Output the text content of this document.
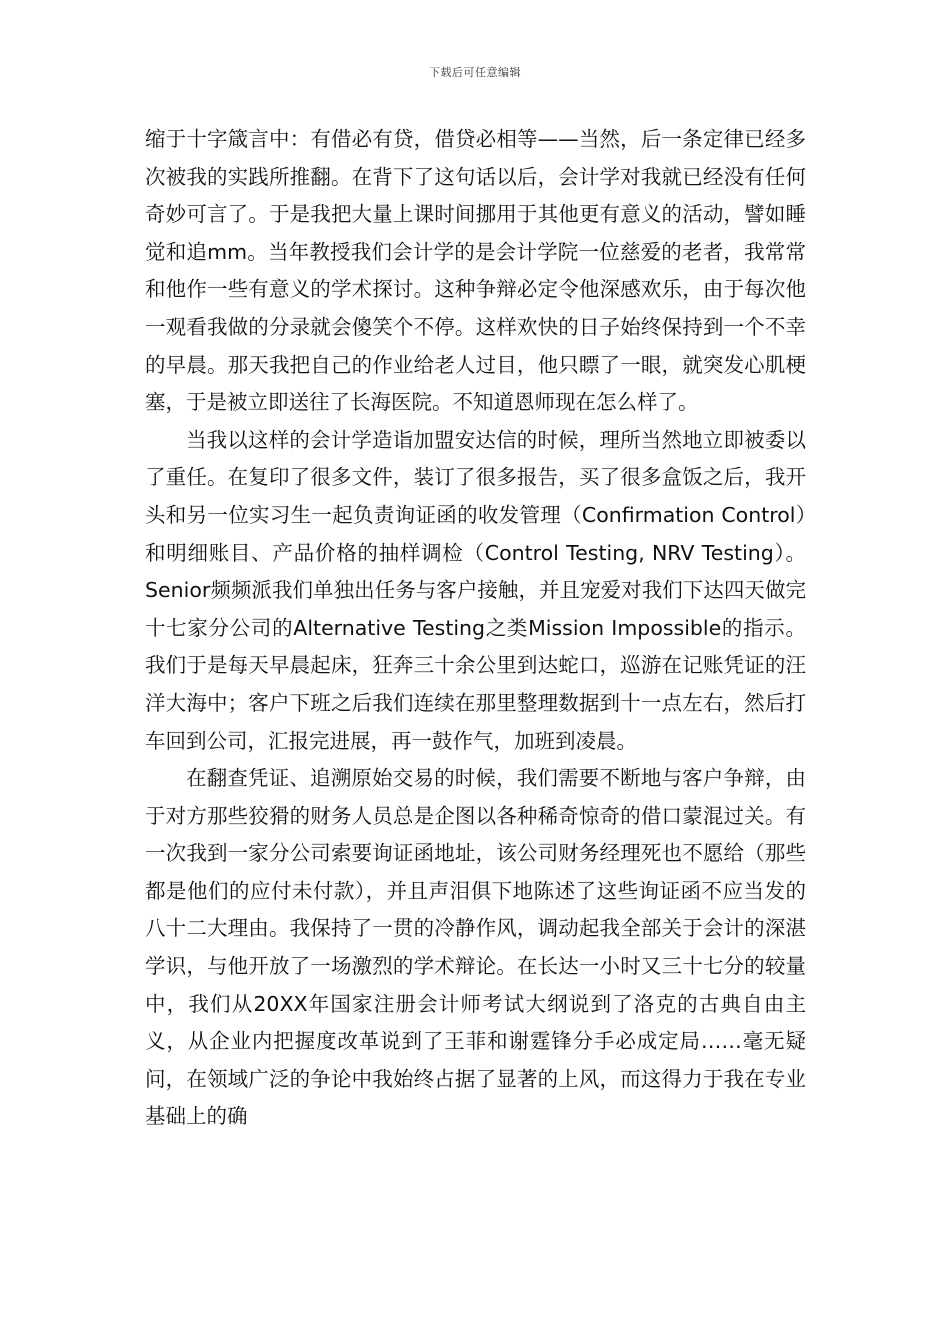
下载后可任意编辑

缩于十字箴言中：有借必有贷，借贷必相等——当然，后一条定律已经多次被我的实践所推翻。在背下了这句话以后，会计学对我就已经没有任何奇妙可言了。于是我把大量上课时间挪用于其他更有意义的活动，譬如睡觉和追mm。当年教授我们会计学的是会计学院一位慈爱的老者，我常常和他作一些有意义的学术探讨。这种争辩必定令他深感欢乐，由于每次他一观看我做的分录就会傻笑个不停。这样欢快的日子始终保持到一个不幸的早晨。那天我把自己的作业给老人过目，他只瞟了一眼，就突发心肌梗塞，于是被立即送往了长海医院。不知道恩师现在怎么样了。

当我以这样的会计学造诣加盟安达信的时候，理所当然地立即被委以了重任。在复印了很多文件，装订了很多报告，买了很多盒饭之后，我开头和另一位实习生一起负责询证函的收发管理（Confirmation Control）和明细账目、产品价格的抽样调检（Control Testing, NRV Testing）。Senior频频派我们单独出任务与客户接触，并且宠爱对我们下达四天做完十七家分公司的Alternative Testing之类Mission Impossible的指示。我们于是每天早晨起床，狂奔三十余公里到达蛇口，巡游在记账凭证的汪洋大海中；客户下班之后我们连续在那里整理数据到十一点左右，然后打车回到公司，汇报完进展，再一鼓作气，加班到凌晨。

在翻查凭证、追溯原始交易的时候，我们需要不断地与客户争辩，由于对方那些狡猾的财务人员总是企图以各种稀奇惊奇的借口蒙混过关。有一次我到一家分公司索要询证函地址，该公司财务经理死也不愿给（那些都是他们的应付未付款），并且声泪俱下地陈述了这些询证函不应当发的八十二大理由。我保持了一贯的冷静作风，调动起我全部关于会计的深湛学识，与他开放了一场激烈的学术辩论。在长达一小时又三十七分的较量中，我们从20XX年国家注册会计师考试大纲说到了洛克的古典自由主义，从企业内把握度改革说到了王菲和谢霆锋分手必成定局……毫无疑问，在领域广泛的争论中我始终占据了显著的上风，而这得力于我在专业基础上的确
